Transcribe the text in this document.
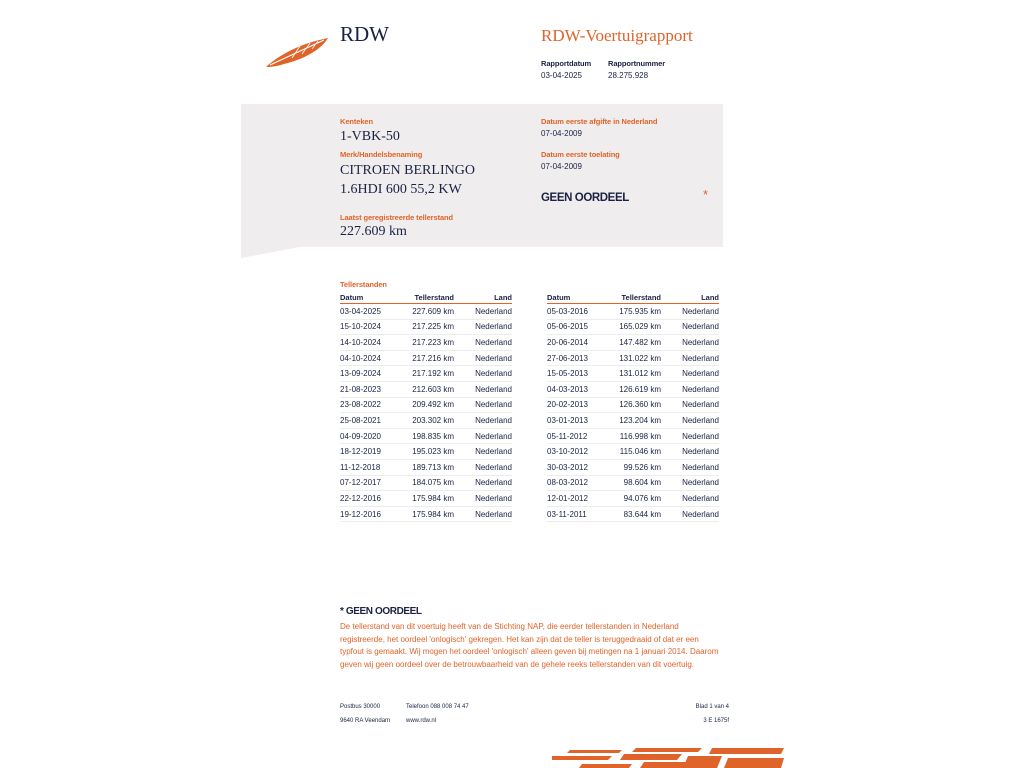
RDW	RDW-Voertuigrapport
Rapportdatum
03-04-2025
Rapportnummer
28.275.928
Kenteken
1-VBK-50
Merk/Handelsbenaming
CITROEN BERLINGO
1.6HDI 600 55,2 KW
Laatst geregistreerde tellerstand
227.609 km
Datum eerste afgifte in Nederland
07-04-2009
Datum eerste toelating
07-04-2009
GEEN OORDEEL	*
Tellerstanden
Datum	Tellerstand	Land
03-04-2025	227.609 km	Nederland
15-10-2024	217.225 km	Nederland
14-10-2024	217.223 km	Nederland
04-10-2024	217.216 km	Nederland
13-09-2024	217.192 km	Nederland
21-08-2023	212.603 km	Nederland
23-08-2022	209.492 km	Nederland
25-08-2021	203.302 km	Nederland
04-09-2020	198.835 km	Nederland
18-12-2019	195.023 km	Nederland
11-12-2018	189.713 km	Nederland
07-12-2017	184.075 km	Nederland
22-12-2016	175.984 km	Nederland
19-12-2016	175.984 km	Nederland
Datum	Tellerstand	Land
05-03-2016	175.935 km	Nederland
05-06-2015	165.029 km	Nederland
20-06-2014	147.482 km	Nederland
27-06-2013	131.022 km	Nederland
15-05-2013	131.012 km	Nederland
04-03-2013	126.619 km	Nederland
20-02-2013	126.360 km	Nederland
03-01-2013	123.204 km	Nederland
05-11-2012	116.998 km	Nederland
03-10-2012	115.046 km	Nederland
30-03-2012	99.526 km	Nederland
08-03-2012	98.604 km	Nederland
12-01-2012	94.076 km	Nederland
03-11-2011	83.644 km	Nederland
* GEEN OORDEEL
De tellerstand van dit voertuig heeft van de Stichting NAP, die eerder tellerstanden in Nederland
registreerde, het oordeel 'onlogisch' gekregen. Het kan zijn dat de teller is teruggedraaid of dat er een
typfout is gemaakt. Wij mogen het oordeel 'onlogisch' alleen geven bij metingen na 1 januari 2014. Daarom
geven wij geen oordeel over de betrouwbaarheid van de gehele reeks tellerstanden van dit voertuig.
Postbus 30000
9640 RA Veendam
Telefoon 088 008 74 47
www.rdw.nl
Blad 1 van 4
3 E 1675f
